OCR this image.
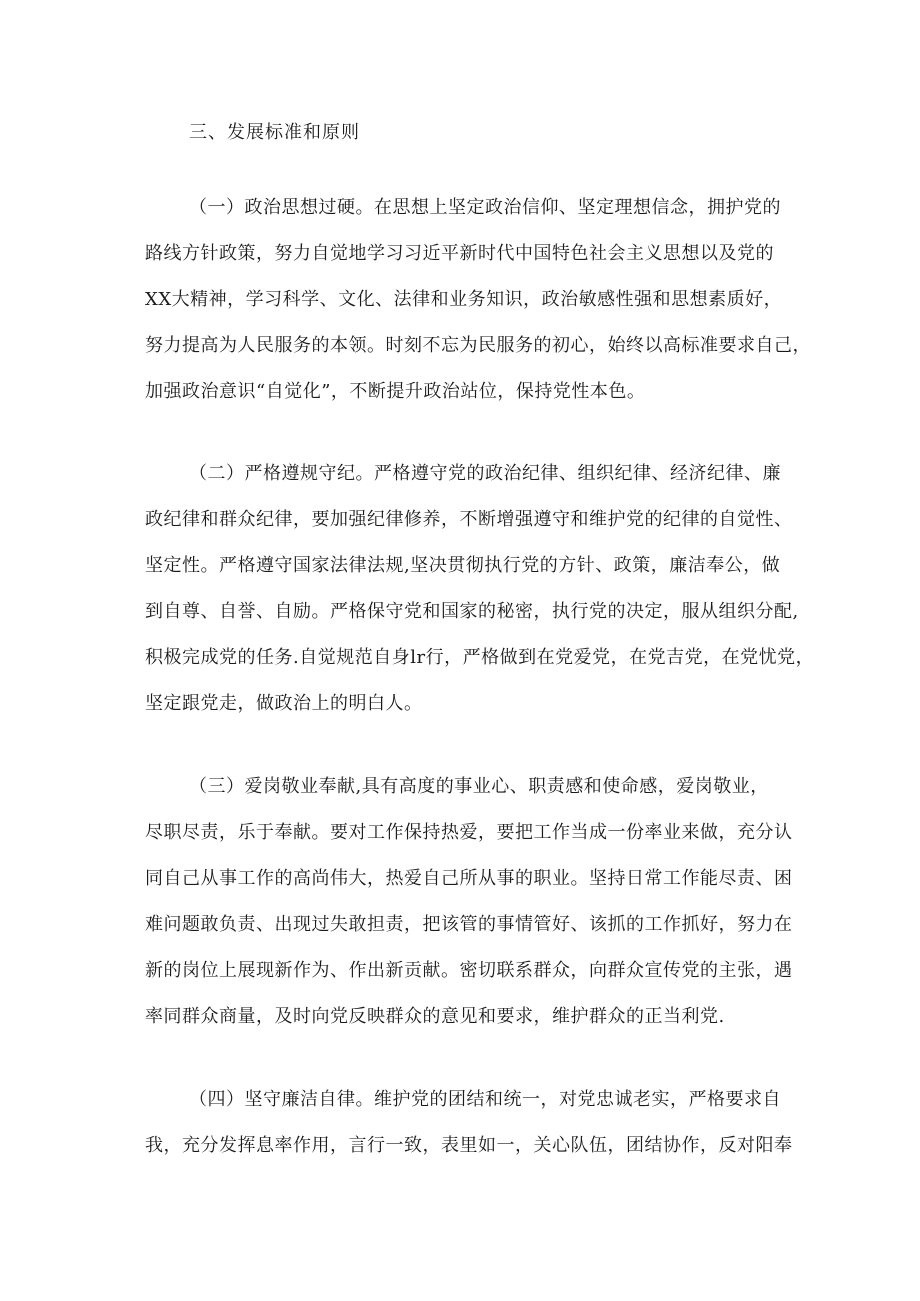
三、发展标准和原则
（一）政治思想过硬。在思想上坚定政治信仰、坚定理想信念，拥护党的
路线方针政策，努力自觉地学习习近平新时代中国特色社会主义思想以及党的
XX大精神，学习科学、文化、法律和业务知识，政治敏感性强和思想素质好，
努力提高为人民服务的本领。时刻不忘为民服务的初心，始终以高标准要求自己，
加强政治意识“自觉化”，不断提升政治站位，保持党性本色。
（二）严格遵规守纪。严格遵守党的政治纪律、组织纪律、经济纪律、廉
政纪律和群众纪律，要加强纪律修养，不断增强遵守和维护党的纪律的自觉性、
坚定性。严格遵守国家法律法规,坚决贯彻执行党的方针、政策，廉洁奉公，做
到自尊、自誉、自励。严格保守党和国家的秘密，执行党的决定，服从组织分配,
积极完成党的任务.自觉规范自身lr行，严格做到在党爱党，在党吉党，在党忧党，
坚定跟党走，做政治上的明白人。
（三）爱岗敬业奉献,具有高度的事业心、职责感和使命感，爱岗敬业，
尽职尽责，乐于奉献。要对工作保持热爱，要把工作当成一份率业来做，充分认
同自己从事工作的高尚伟大，热爱自己所从事的职业。坚持日常工作能尽责、困
难问题敢负责、出现过失敢担责，把该管的事情管好、该抓的工作抓好，努力在
新的岗位上展现新作为、作出新贡献。密切联系群众，向群众宣传党的主张，遇
率同群众商量，及时向党反映群众的意见和要求，维护群众的正当利党.
（四）坚守廉洁自律。维护党的团结和统一，对党忠诚老实，严格要求自
我，充分发挥息率作用，言行一致，表里如一，关心队伍，团结协作，反对阳奉
